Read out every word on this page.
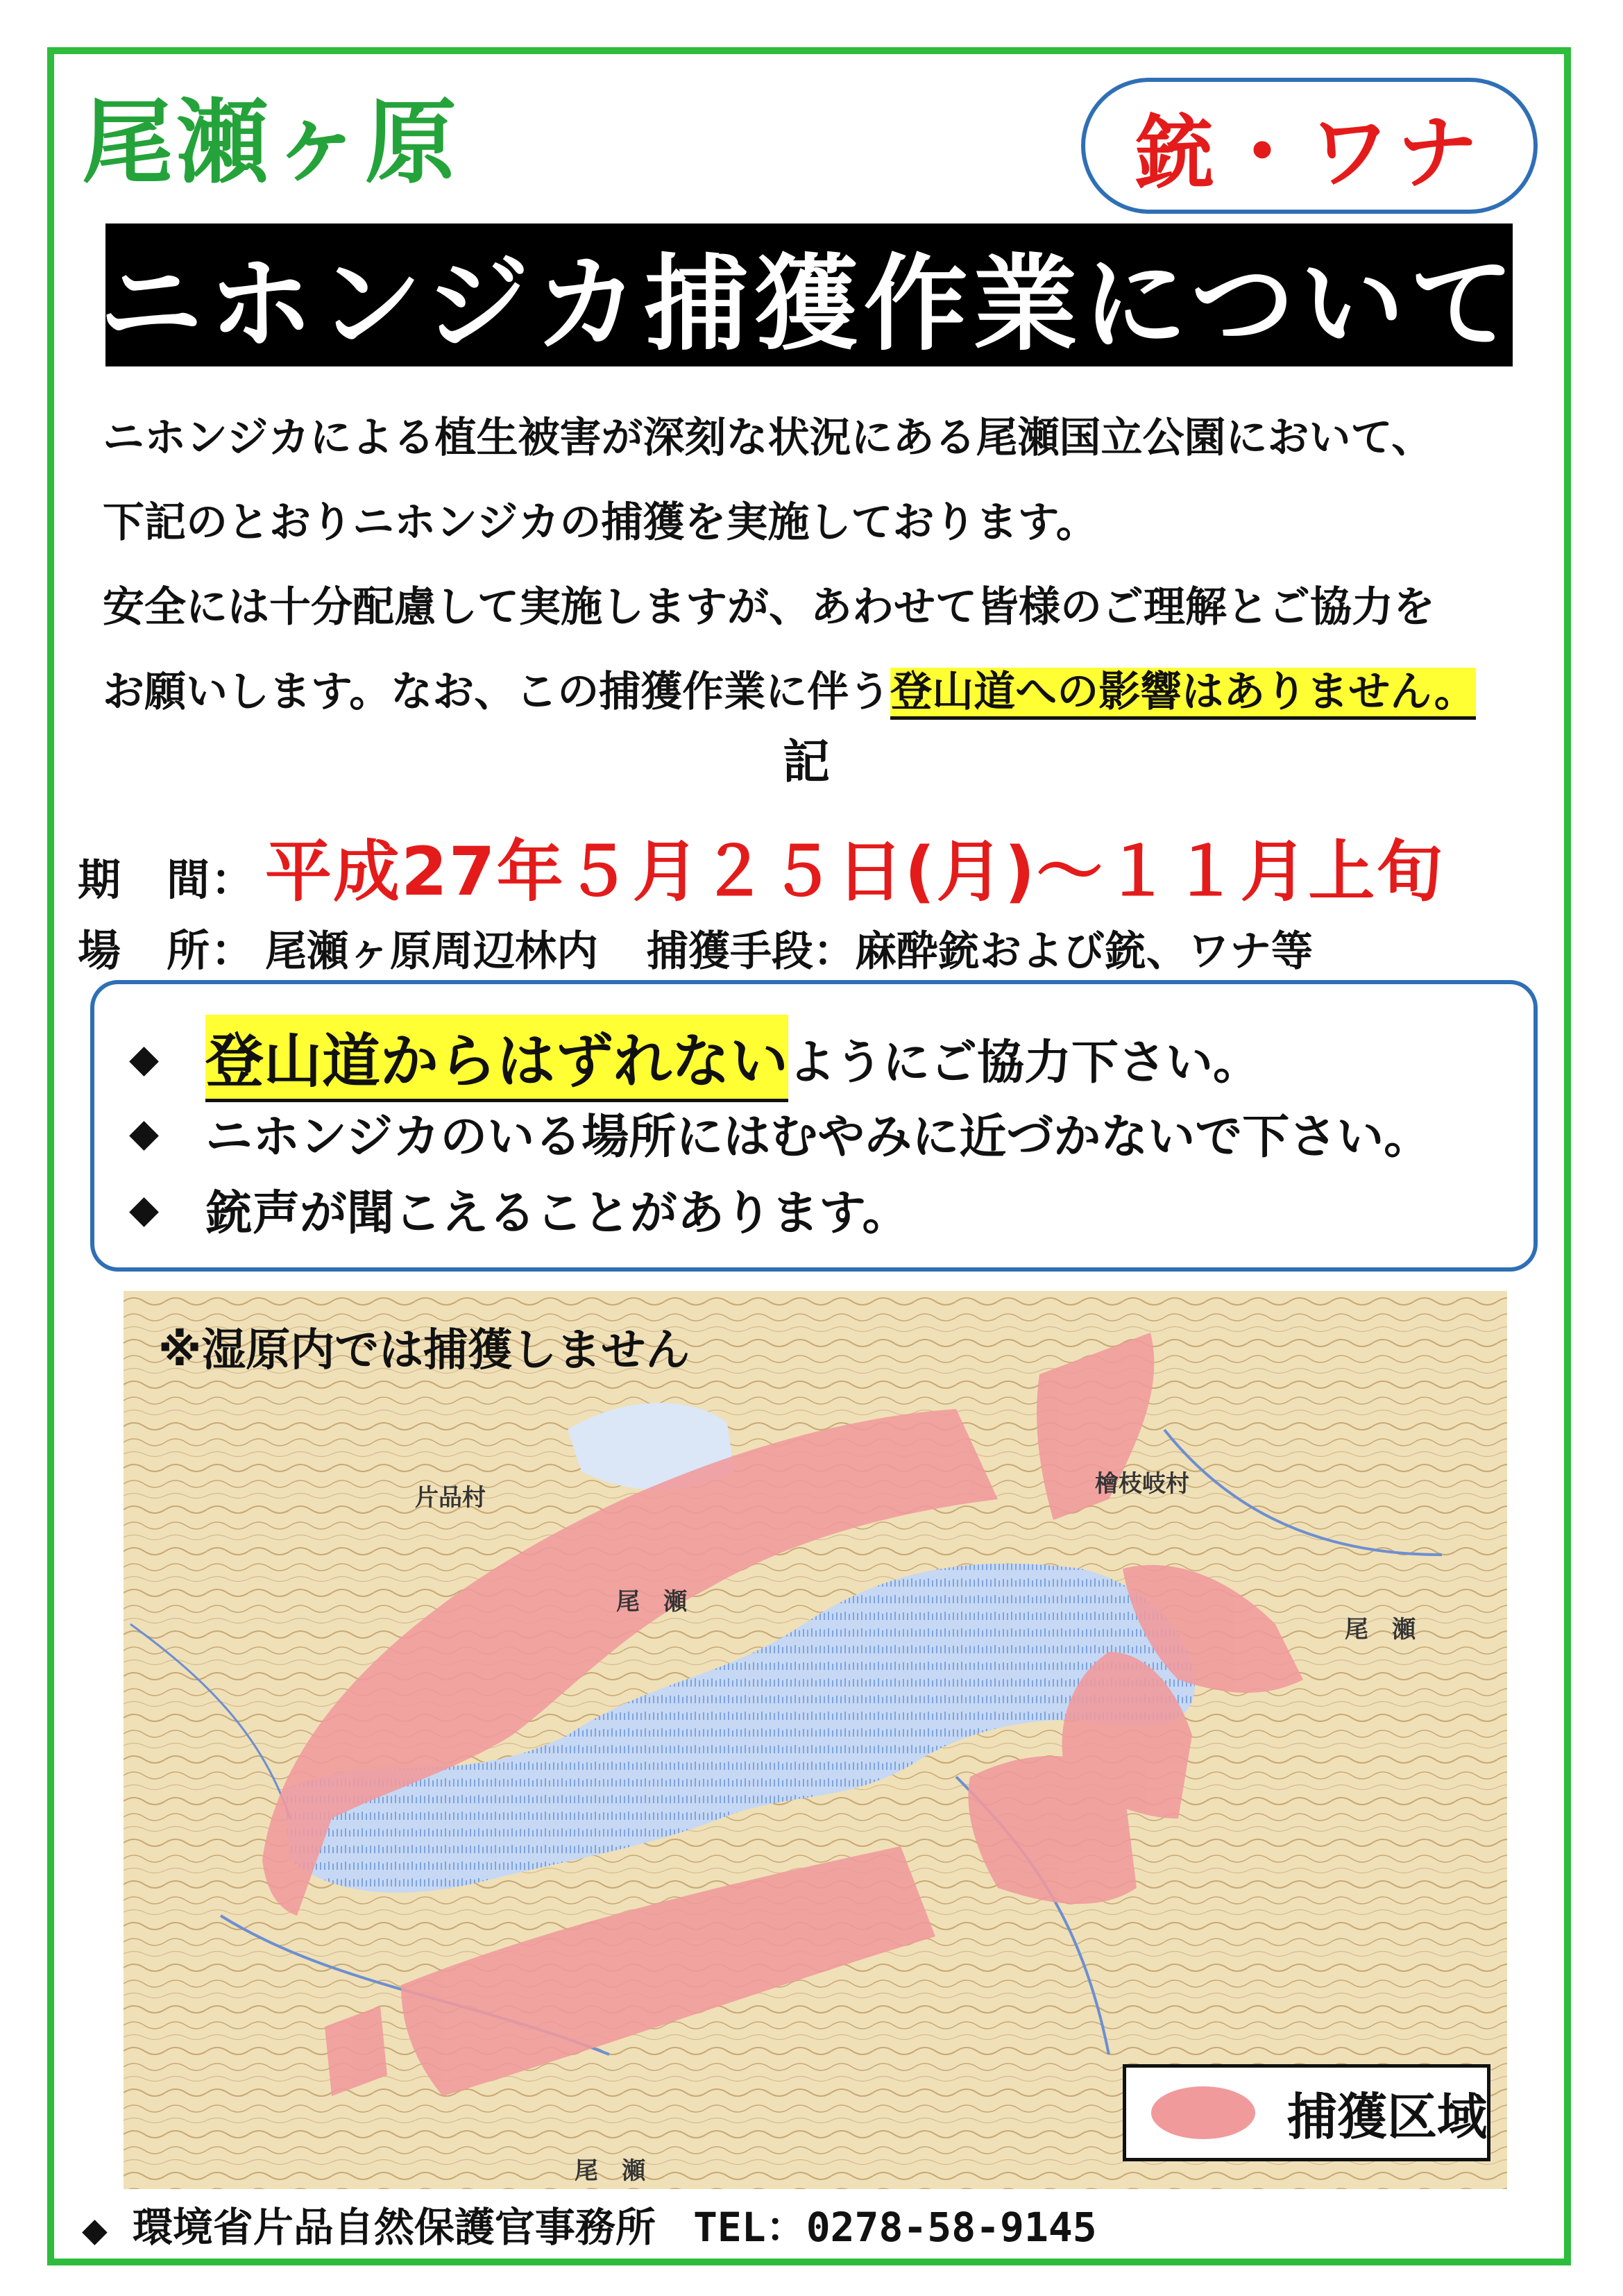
尾瀬ヶ原	銃・ワナ
ニホンジカ捕獲作業について

ニホンジカによる植生被害が深刻な状況にある尾瀬国立公園において、

下記のとおりニホンジカの捕獲を実施しております。

安全には十分配慮して実施しますが、あわせて皆様のご理解とご協力を

お願いします。なお、この捕獲作業に伴う登山道への影響はありません。

記
期　間： 平成27年５月２５日(月)～１１月上旬
場　所： 尾瀬ヶ原周辺林内 捕獲手段： 麻酔銃および銃、ワナ等
◆ 登山道からはずれない ようにご協力下さい。
◆ ニホンジカのいる場所にはむやみに近づかないで下さい。
◆ 銃声が聞こえることがあります。
※湿原内では捕獲しません
片品村
尾　瀬
尾　瀬
尾　瀬
檜枝岐村
捕獲区域
◆ 環境省片品自然保護官事務所 TEL：0278-58-9145
